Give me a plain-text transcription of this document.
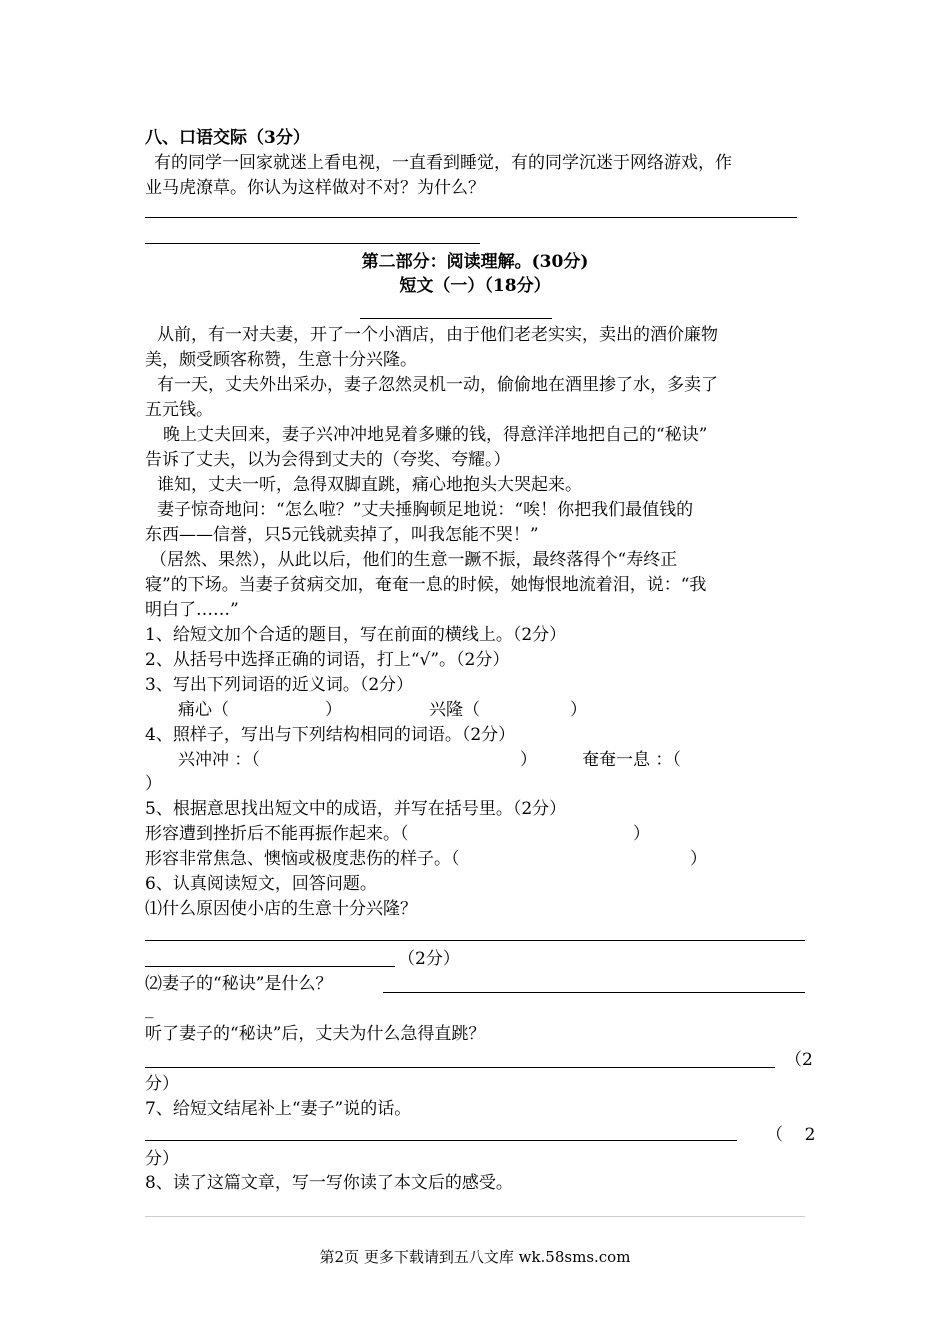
八、口语交际（3分）
有的同学一回家就迷上看电视，一直看到睡觉，有的同学沉迷于网络游戏，作
业马虎潦草。你认为这样做对不对？为什么？
第二部分：阅读理解。(30分)
短文（一）（18分）
从前，有一对夫妻，开了一个小酒店，由于他们老老实实，卖出的酒价廉物
美，颇受顾客称赞，生意十分兴隆。
有一天，丈夫外出采办，妻子忽然灵机一动，偷偷地在酒里掺了水，多卖了
五元钱。
晚上丈夫回来，妻子兴冲冲地晃着多赚的钱，得意洋洋地把自己的“秘诀”
告诉了丈夫，以为会得到丈夫的（夸奖、夸耀。）
谁知，丈夫一听，急得双脚直跳，痛心地抱头大哭起来。
妻子惊奇地问：“怎么啦？”丈夫捶胸顿足地说：“唉！你把我们最值钱的
东西——信誉，只5元钱就卖掉了，叫我怎能不哭！”
（居然、果然），从此以后，他们的生意一蹶不振，最终落得个“寿终正
寝”的下场。当妻子贫病交加，奄奄一息的时候，她悔恨地流着泪，说：“我
明白了……”
1、给短文加个合适的题目，写在前面的横线上。（2分）
2、从括号中选择正确的词语，打上“√”。（2分）
3、写出下列词语的近义词。（2分）
痛心（	）	兴隆（	）
4、照样子，写出与下列结构相同的词语。（2分）
兴冲冲 ：（	）	奄奄一息 ：（
）
5、根据意思找出短文中的成语，并写在括号里。（2分）
形容遭到挫折后不能再振作起来。（	）
形容非常焦急、懊恼或极度悲伤的样子。（	）
6、认真阅读短文，回答问题。
⑴什么原因使小店的生意十分兴隆？
（2分）
⑵妻子的“秘诀”是什么？
_
听了妻子的“秘诀”后，丈夫为什么急得直跳？
（2
分）
7、给短文结尾补上“妻子”说的话。
（    2
分）
8、读了这篇文章，写一写你读了本文后的感受。
第2页 更多下载请到五八文库 wk.58sms.com
